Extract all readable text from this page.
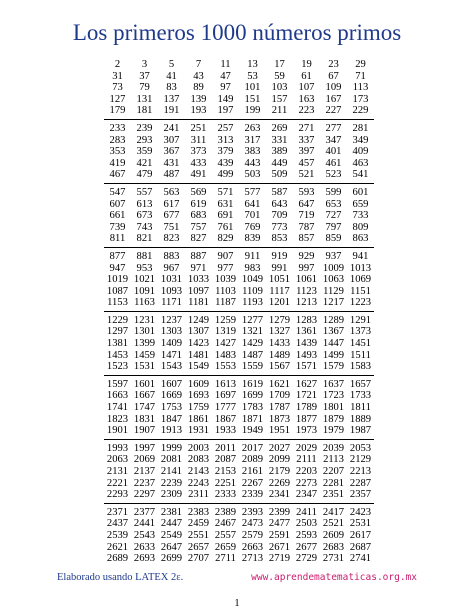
Los primeros 1000 números primos
2	3	5	7	11	13	17	19	23	29
31	37	41	43	47	53	59	61	67	71
73	79	83	89	97	101	103	107	109	113
127	131	137	139	149	151	157	163	167	173
179	181	191	193	197	199	211	223	227	229
233	239	241	251	257	263	269	271	277	281
283	293	307	311	313	317	331	337	347	349
353	359	367	373	379	383	389	397	401	409
419	421	431	433	439	443	449	457	461	463
467	479	487	491	499	503	509	521	523	541
547	557	563	569	571	577	587	593	599	601
607	613	617	619	631	641	643	647	653	659
661	673	677	683	691	701	709	719	727	733
739	743	751	757	761	769	773	787	797	809
811	821	823	827	829	839	853	857	859	863
877	881	883	887	907	911	919	929	937	941
947	953	967	971	977	983	991	997	1009	1013
1019	1021	1031	1033	1039	1049	1051	1061	1063	1069
1087	1091	1093	1097	1103	1109	1117	1123	1129	1151
1153	1163	1171	1181	1187	1193	1201	1213	1217	1223
1229	1231	1237	1249	1259	1277	1279	1283	1289	1291
1297	1301	1303	1307	1319	1321	1327	1361	1367	1373
1381	1399	1409	1423	1427	1429	1433	1439	1447	1451
1453	1459	1471	1481	1483	1487	1489	1493	1499	1511
1523	1531	1543	1549	1553	1559	1567	1571	1579	1583
1597	1601	1607	1609	1613	1619	1621	1627	1637	1657
1663	1667	1669	1693	1697	1699	1709	1721	1723	1733
1741	1747	1753	1759	1777	1783	1787	1789	1801	1811
1823	1831	1847	1861	1867	1871	1873	1877	1879	1889
1901	1907	1913	1931	1933	1949	1951	1973	1979	1987
1993	1997	1999	2003	2011	2017	2027	2029	2039	2053
2063	2069	2081	2083	2087	2089	2099	2111	2113	2129
2131	2137	2141	2143	2153	2161	2179	2203	2207	2213
2221	2237	2239	2243	2251	2267	2269	2273	2281	2287
2293	2297	2309	2311	2333	2339	2341	2347	2351	2357
2371	2377	2381	2383	2389	2393	2399	2411	2417	2423
2437	2441	2447	2459	2467	2473	2477	2503	2521	2531
2539	2543	2549	2551	2557	2579	2591	2593	2609	2617
2621	2633	2647	2657	2659	2663	2671	2677	2683	2687
2689	2693	2699	2707	2711	2713	2719	2729	2731	2741
Elaborado usando LATEX 2ε.	www.aprendematematicas.org.mx
1
